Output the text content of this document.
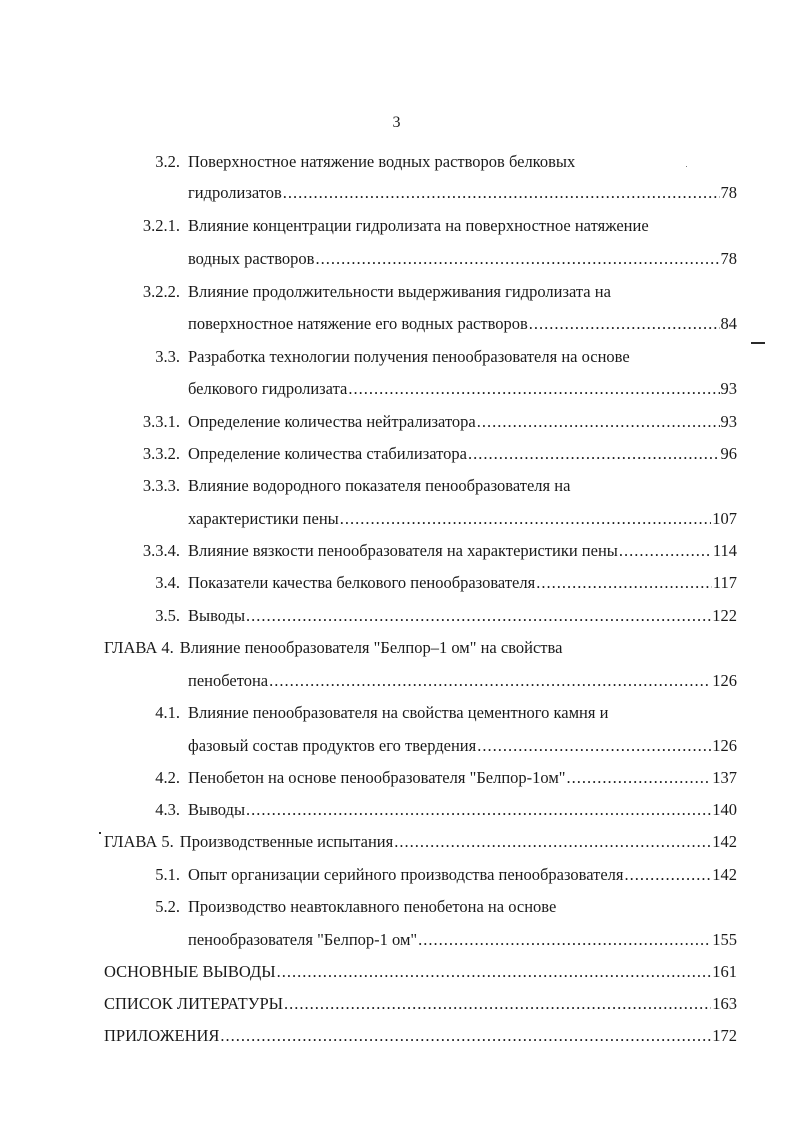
3
3.2. Поверхностное натяжение водных растворов белковых
гидролизатов .....	78
3.2.1. Влияние концентрации гидролизата на поверхностное натяжение
водных растворов .....	78
3.2.2. Влияние продолжительности выдерживания гидролизата на
поверхностное натяжение его водных растворов .....	84
3.3. Разработка технологии получения пенообразователя на основе
белкового гидролизата .....	93
3.3.1. Определение количества нейтрализатора .....	93
3.3.2. Определение количества стабилизатора .....	96
3.3.3. Влияние водородного показателя пенообразователя на
характеристики пены .....	107
3.3.4. Влияние вязкости пенообразователя на характеристики пены .....	114
3.4. Показатели качества белкового пенообразователя .....	117
3.5. Выводы .....	122
ГЛАВА 4. Влияние пенообразователя "Белпор–1 ом" на свойства
пенобетона .....	126
4.1. Влияние пенообразователя на свойства цементного камня и
фазовый состав продуктов его твердения .....	126
4.2. Пенобетон на основе пенообразователя "Белпор-1ом" .....	137
4.3. Выводы .....	140
ГЛАВА 5. Производственные испытания .....	142
5.1. Опыт организации серийного производства пенообразователя .....	142
5.2. Производство неавтоклавного пенобетона на основе
пенообразователя "Белпор-1 ом" .....	155
ОСНОВНЫЕ ВЫВОДЫ .....	161
СПИСОК ЛИТЕРАТУРЫ .....	163
ПРИЛОЖЕНИЯ .....	172
